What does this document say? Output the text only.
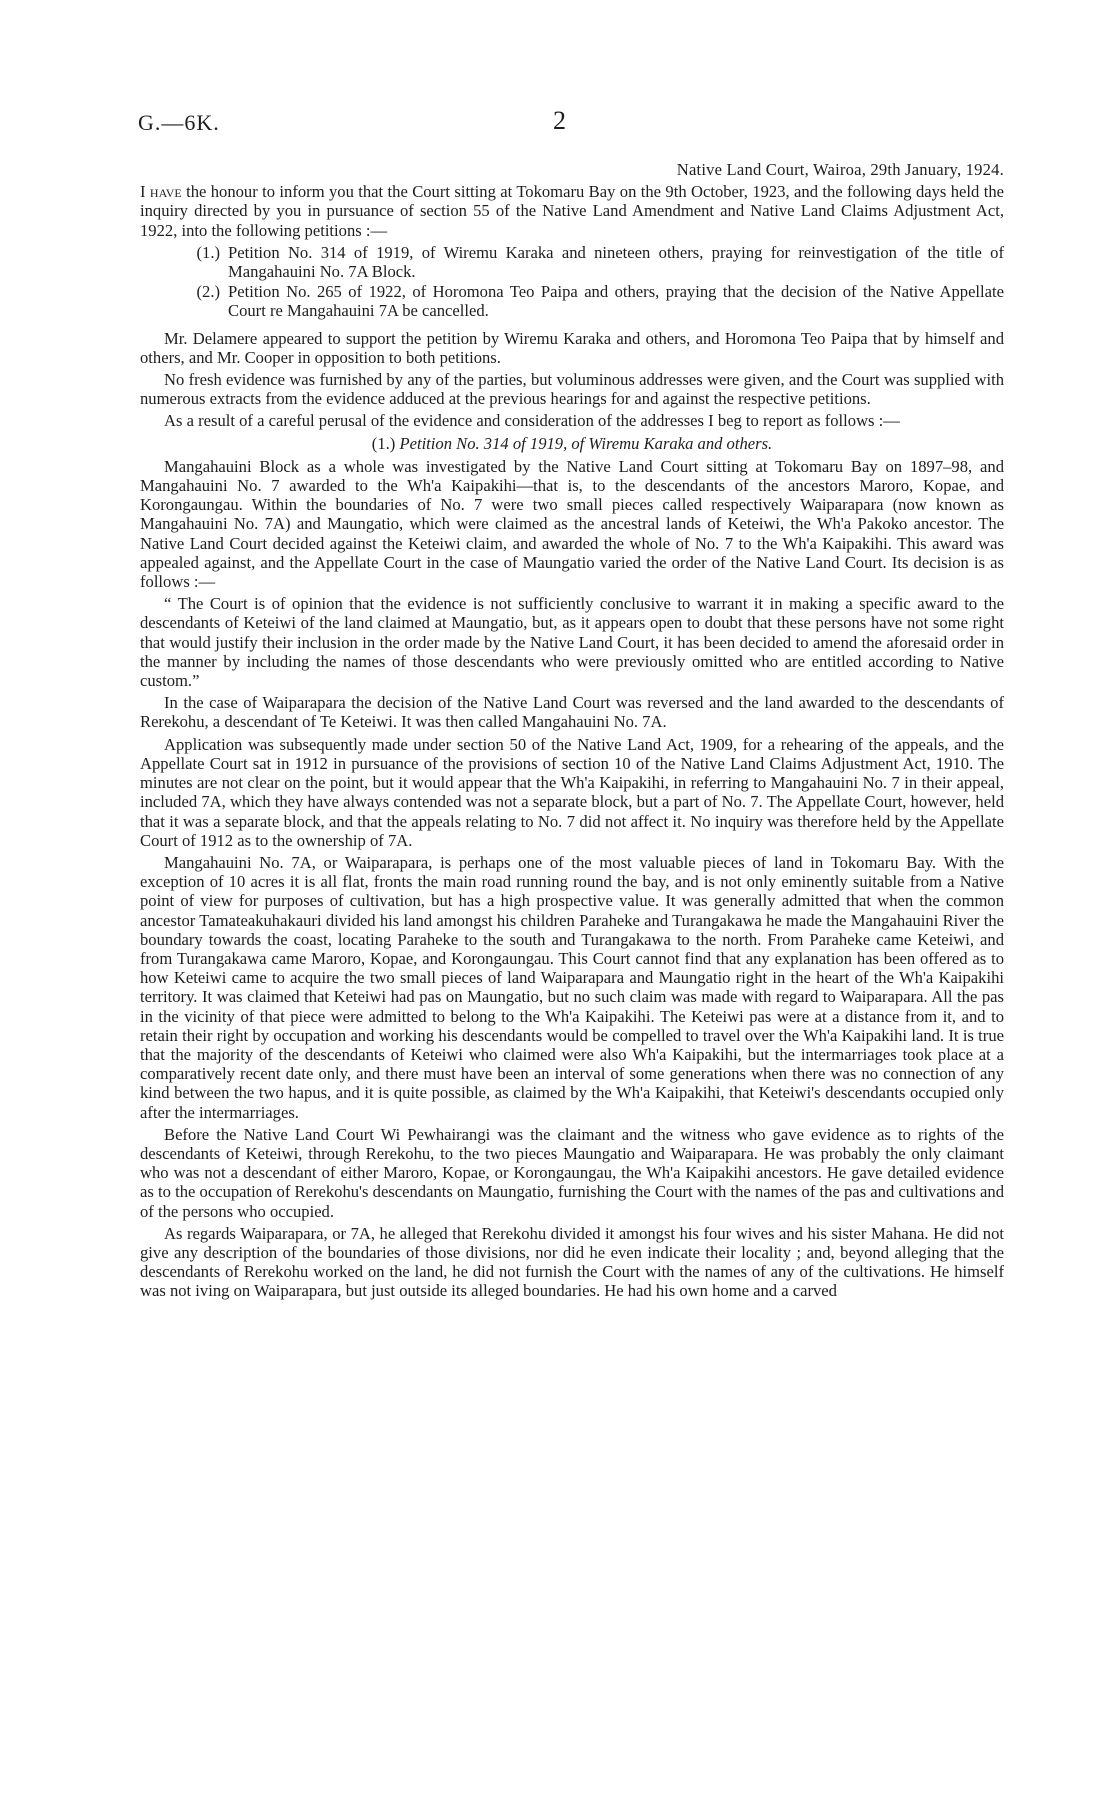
G.—6K.	2
Native Land Court, Wairoa, 29th January, 1924.

I have the honour to inform you that the Court sitting at Tokomaru Bay on the 9th October, 1923, and the following days held the inquiry directed by you in pursuance of section 55 of the Native Land Amendment and Native Land Claims Adjustment Act, 1922, into the following petitions :—

(1.) Petition No. 314 of 1919, of Wiremu Karaka and nineteen others, praying for reinvestigation of the title of Mangahauini No. 7A Block.
(2.) Petition No. 265 of 1922, of Horomona Teo Paipa and others, praying that the decision of the Native Appellate Court re Mangahauini 7A be cancelled.

Mr. Delamere appeared to support the petition by Wiremu Karaka and others, and Horomona Teo Paipa that by himself and others, and Mr. Cooper in opposition to both petitions.

No fresh evidence was furnished by any of the parties, but voluminous addresses were given, and the Court was supplied with numerous extracts from the evidence adduced at the previous hearings for and against the respective petitions.

As a result of a careful perusal of the evidence and consideration of the addresses I beg to report as follows :—

(1.) Petition No. 314 of 1919, of Wiremu Karaka and others.

Mangahauini Block as a whole was investigated by the Native Land Court sitting at Tokomaru Bay on 1897–98, and Mangahauini No. 7 awarded to the Wh'a Kaipakihi—that is, to the descendants of the ancestors Maroro, Kopae, and Korongaungau. Within the boundaries of No. 7 were two small pieces called respectively Waiparapara (now known as Mangahauini No. 7A) and Maungatio, which were claimed as the ancestral lands of Keteiwi, the Wh'a Pakoko ancestor. The Native Land Court decided against the Keteiwi claim, and awarded the whole of No. 7 to the Wh'a Kaipakihi. This award was appealed against, and the Appellate Court in the case of Maungatio varied the order of the Native Land Court. Its decision is as follows :—

“ The Court is of opinion that the evidence is not sufficiently conclusive to warrant it in making a specific award to the descendants of Keteiwi of the land claimed at Maungatio, but, as it appears open to doubt that these persons have not some right that would justify their inclusion in the order made by the Native Land Court, it has been decided to amend the aforesaid order in the manner by including the names of those descendants who were previously omitted who are entitled according to Native custom.”

In the case of Waiparapara the decision of the Native Land Court was reversed and the land awarded to the descendants of Rerekohu, a descendant of Te Keteiwi. It was then called Mangahauini No. 7A.

Application was subsequently made under section 50 of the Native Land Act, 1909, for a rehearing of the appeals, and the Appellate Court sat in 1912 in pursuance of the provisions of section 10 of the Native Land Claims Adjustment Act, 1910. The minutes are not clear on the point, but it would appear that the Wh'a Kaipakihi, in referring to Mangahauini No. 7 in their appeal, included 7A, which they have always contended was not a separate block, but a part of No. 7. The Appellate Court, however, held that it was a separate block, and that the appeals relating to No. 7 did not affect it. No inquiry was therefore held by the Appellate Court of 1912 as to the ownership of 7A.

Mangahauini No. 7A, or Waiparapara, is perhaps one of the most valuable pieces of land in Tokomaru Bay. With the exception of 10 acres it is all flat, fronts the main road running round the bay, and is not only eminently suitable from a Native point of view for purposes of cultivation, but has a high prospective value. It was generally admitted that when the common ancestor Tamateakuhakauri divided his land amongst his children Paraheke and Turangakawa he made the Mangahauini River the boundary towards the coast, locating Paraheke to the south and Turangakawa to the north. From Paraheke came Keteiwi, and from Turangakawa came Maroro, Kopae, and Korongaungau. This Court cannot find that any explanation has been offered as to how Keteiwi came to acquire the two small pieces of land Waiparapara and Maungatio right in the heart of the Wh'a Kaipakihi territory. It was claimed that Keteiwi had pas on Maungatio, but no such claim was made with regard to Waiparapara. All the pas in the vicinity of that piece were admitted to belong to the Wh'a Kaipakihi. The Keteiwi pas were at a distance from it, and to retain their right by occupation and working his descendants would be compelled to travel over the Wh'a Kaipakihi land. It is true that the majority of the descendants of Keteiwi who claimed were also Wh'a Kaipakihi, but the intermarriages took place at a comparatively recent date only, and there must have been an interval of some generations when there was no connection of any kind between the two hapus, and it is quite possible, as claimed by the Wh'a Kaipakihi, that Keteiwi's descendants occupied only after the intermarriages.

Before the Native Land Court Wi Pewhairangi was the claimant and the witness who gave evidence as to rights of the descendants of Keteiwi, through Rerekohu, to the two pieces Maungatio and Waiparapara. He was probably the only claimant who was not a descendant of either Maroro, Kopae, or Korongaungau, the Wh'a Kaipakihi ancestors. He gave detailed evidence as to the occupation of Rerekohu's descendants on Maungatio, furnishing the Court with the names of the pas and cultivations and of the persons who occupied.

As regards Waiparapara, or 7A, he alleged that Rerekohu divided it amongst his four wives and his sister Mahana. He did not give any description of the boundaries of those divisions, nor did he even indicate their locality ; and, beyond alleging that the descendants of Rerekohu worked on the land, he did not furnish the Court with the names of any of the cultivations. He himself was not iving on Waiparapara, but just outside its alleged boundaries. He had his own home and a carved
